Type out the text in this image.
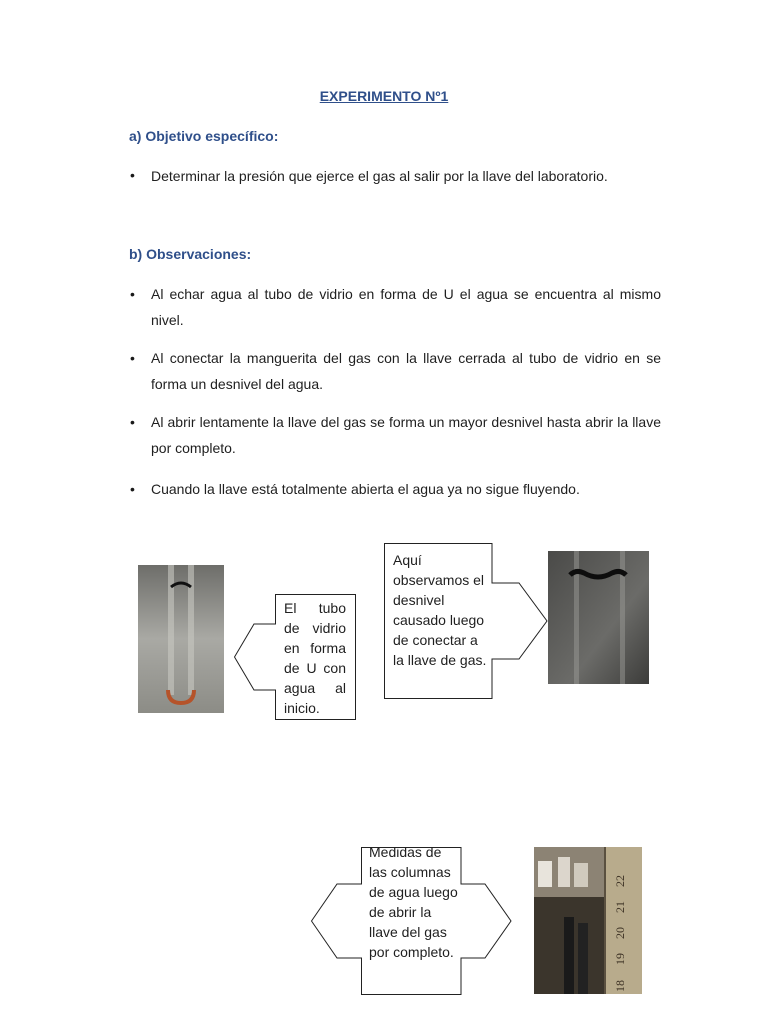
EXPERIMENTO Nº1
a) Objetivo específico:
• Determinar la presión que ejerce el gas al salir por la llave del laboratorio.
b) Observaciones:
• Al echar agua al tubo de vidrio en forma de U el agua se encuentra al mismo nivel.
• Al conectar la manguerita del gas con la llave cerrada al tubo de vidrio en se forma un desnivel del agua.
• Al abrir lentamente la llave del gas se forma un mayor desnivel hasta abrir la llave por completo.
• Cuando la llave está totalmente abierta el agua ya no sigue fluyendo.
El tubo de vidrio en forma de U con agua al inicio.
Aquí observamos el desnivel causado luego de conectar a la llave de gas.
Medidas de las columnas de agua luego de abrir la llave del gas por completo.
18
19
20
21
22
